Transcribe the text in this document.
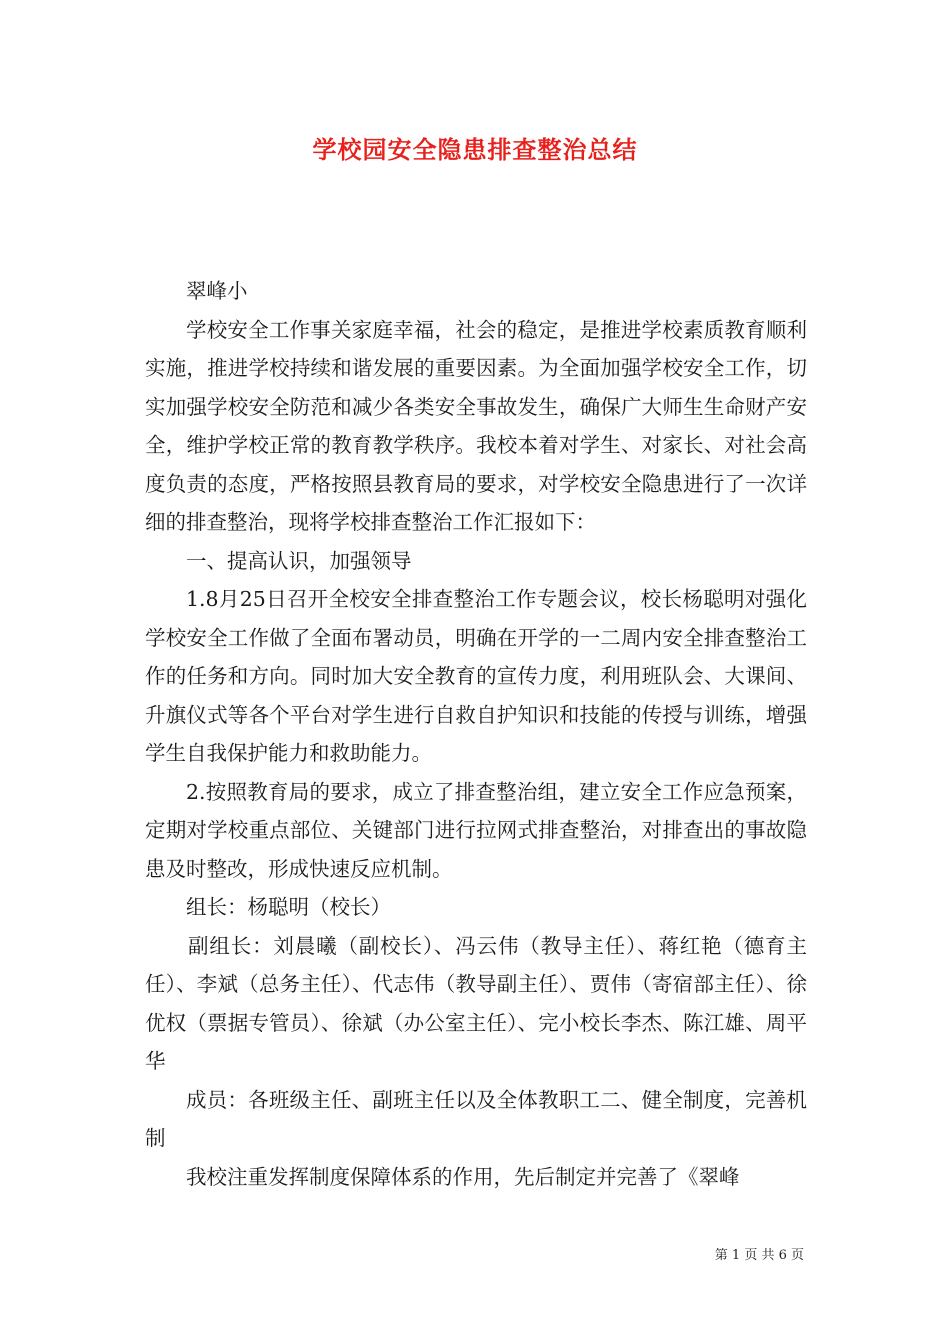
学校园安全隐患排查整治总结

翠峰小

学校安全工作事关家庭幸福，社会的稳定，是推进学校素质教育顺利实施，推进学校持续和谐发展的重要因素。为全面加强学校安全工作，切实加强学校安全防范和减少各类安全事故发生，确保广大师生生命财产安全，维护学校正常的教育教学秩序。我校本着对学生、对家长、对社会高度负责的态度，严格按照县教育局的要求，对学校安全隐患进行了一次详细的排查整治，现将学校排查整治工作汇报如下：

一、提高认识，加强领导

1.8月25日召开全校安全排查整治工作专题会议，校长杨聪明对强化学校安全工作做了全面布署动员，明确在开学的一二周内安全排查整治工作的任务和方向。同时加大安全教育的宣传力度，利用班队会、大课间、升旗仪式等各个平台对学生进行自救自护知识和技能的传授与训练，增强学生自我保护能力和救助能力。

2.按照教育局的要求，成立了排查整治组，建立安全工作应急预案，定期对学校重点部位、关键部门进行拉网式排查整治，对排查出的事故隐患及时整改，形成快速反应机制。

组长：杨聪明（校长）

副组长：刘晨曦（副校长）、冯云伟（教导主任）、蒋红艳（德育主任）、李斌（总务主任）、代志伟（教导副主任）、贾伟（寄宿部主任）、徐优权（票据专管员）、徐斌（办公室主任）、完小校长李杰、陈江雄、周平华

成员：各班级主任、副班主任以及全体教职工二、健全制度，完善机制

我校注重发挥制度保障体系的作用，先后制定并完善了《翠峰

第 1 页 共 6 页
